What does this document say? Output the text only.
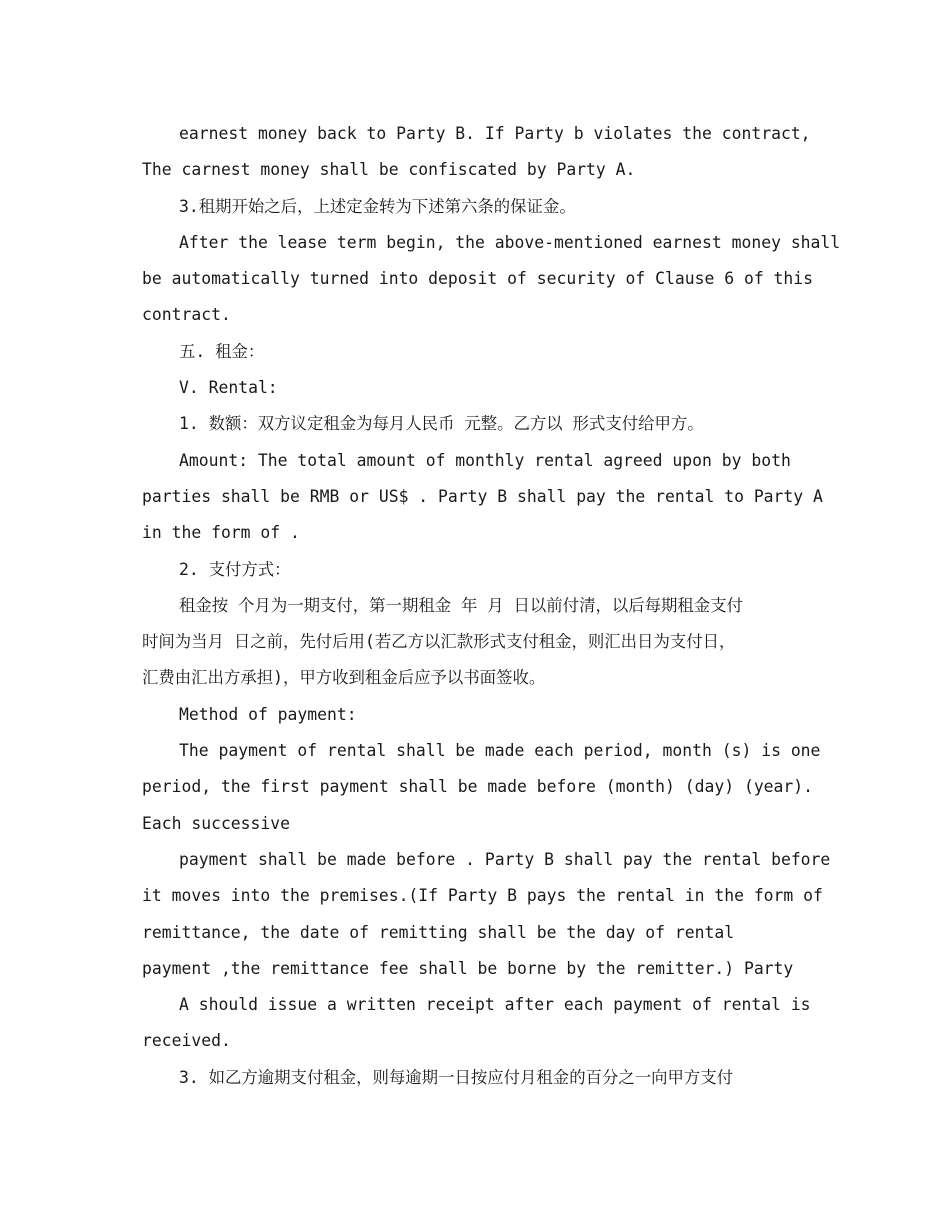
earnest money back to Party B. If Party b violates the contract,
The carnest money shall be confiscated by Party A.
3.租期开始之后，上述定金转为下述第六条的保证金。
After the lease term begin, the above-mentioned earnest money shall
be automatically turned into deposit of security of Clause 6 of this
contract.
五. 租金：
V. Rental:
1. 数额：双方议定租金为每月人民币 元整。乙方以 形式支付给甲方。
Amount: The total amount of monthly rental agreed upon by both
parties shall be RMB or US$ . Party B shall pay the rental to Party A
in the form of .
2. 支付方式：
租金按 个月为一期支付，第一期租金 年 月 日以前付清，以后每期租金支付
时间为当月 日之前，先付后用(若乙方以汇款形式支付租金，则汇出日为支付日，
汇费由汇出方承担)，甲方收到租金后应予以书面签收。
Method of payment:
The payment of rental shall be made each period, month (s) is one
period, the first payment shall be made before (month) (day) (year).
Each successive
payment shall be made before . Party B shall pay the rental before
it moves into the premises.(If Party B pays the rental in the form of
remittance, the date of remitting shall be the day of rental
payment ,the remittance fee shall be borne by the remitter.) Party
A should issue a written receipt after each payment of rental is
received.
3. 如乙方逾期支付租金，则每逾期一日按应付月租金的百分之一向甲方支付
